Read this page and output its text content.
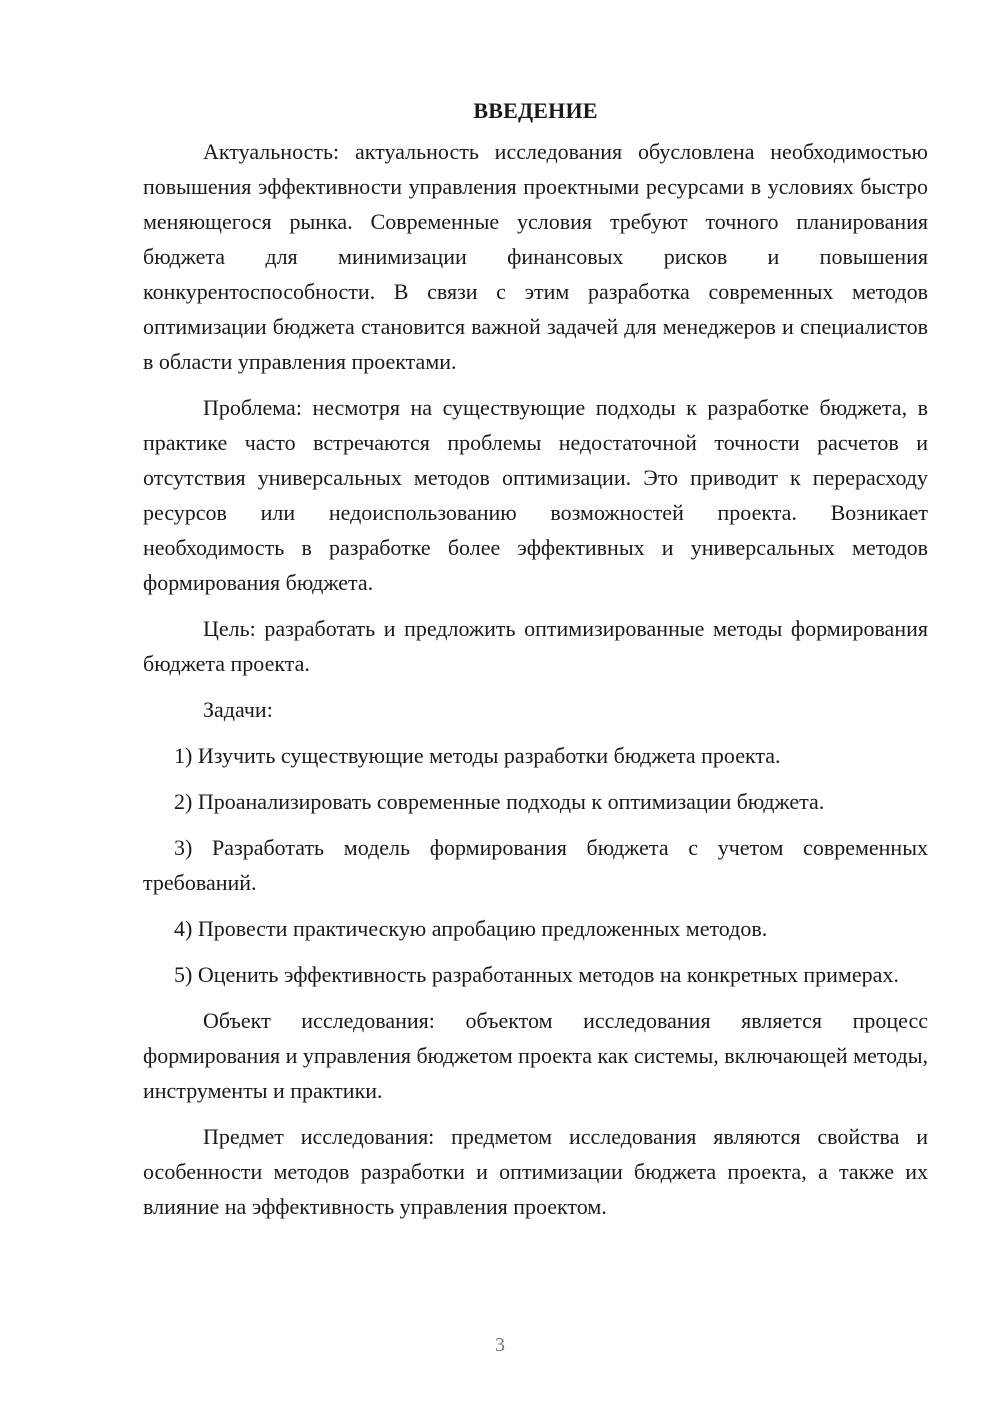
ВВЕДЕНИЕ

Актуальность: актуальность исследования обусловлена необходимостью повышения эффективности управления проектными ресурсами в условиях быстро меняющегося рынка. Современные условия требуют точного планирования бюджета для минимизации финансовых рисков и повышения конкурентоспособности. В связи с этим разработка современных методов оптимизации бюджета становится важной задачей для менеджеров и специалистов в области управления проектами.

Проблема: несмотря на существующие подходы к разработке бюджета, в практике часто встречаются проблемы недостаточной точности расчетов и отсутствия универсальных методов оптимизации. Это приводит к перерасходу ресурсов или недоиспользованию возможностей проекта. Возникает необходимость в разработке более эффективных и универсальных методов формирования бюджета.

Цель: разработать и предложить оптимизированные методы формирования бюджета проекта.

Задачи:

1) Изучить существующие методы разработки бюджета проекта.

2) Проанализировать современные подходы к оптимизации бюджета.

3) Разработать модель формирования бюджета с учетом современных требований.

4) Провести практическую апробацию предложенных методов.

5) Оценить эффективность разработанных методов на конкретных примерах.

Объект исследования: объектом исследования является процесс формирования и управления бюджетом проекта как системы, включающей методы, инструменты и практики.

Предмет исследования: предметом исследования являются свойства и особенности методов разработки и оптимизации бюджета проекта, а также их влияние на эффективность управления проектом.

3
